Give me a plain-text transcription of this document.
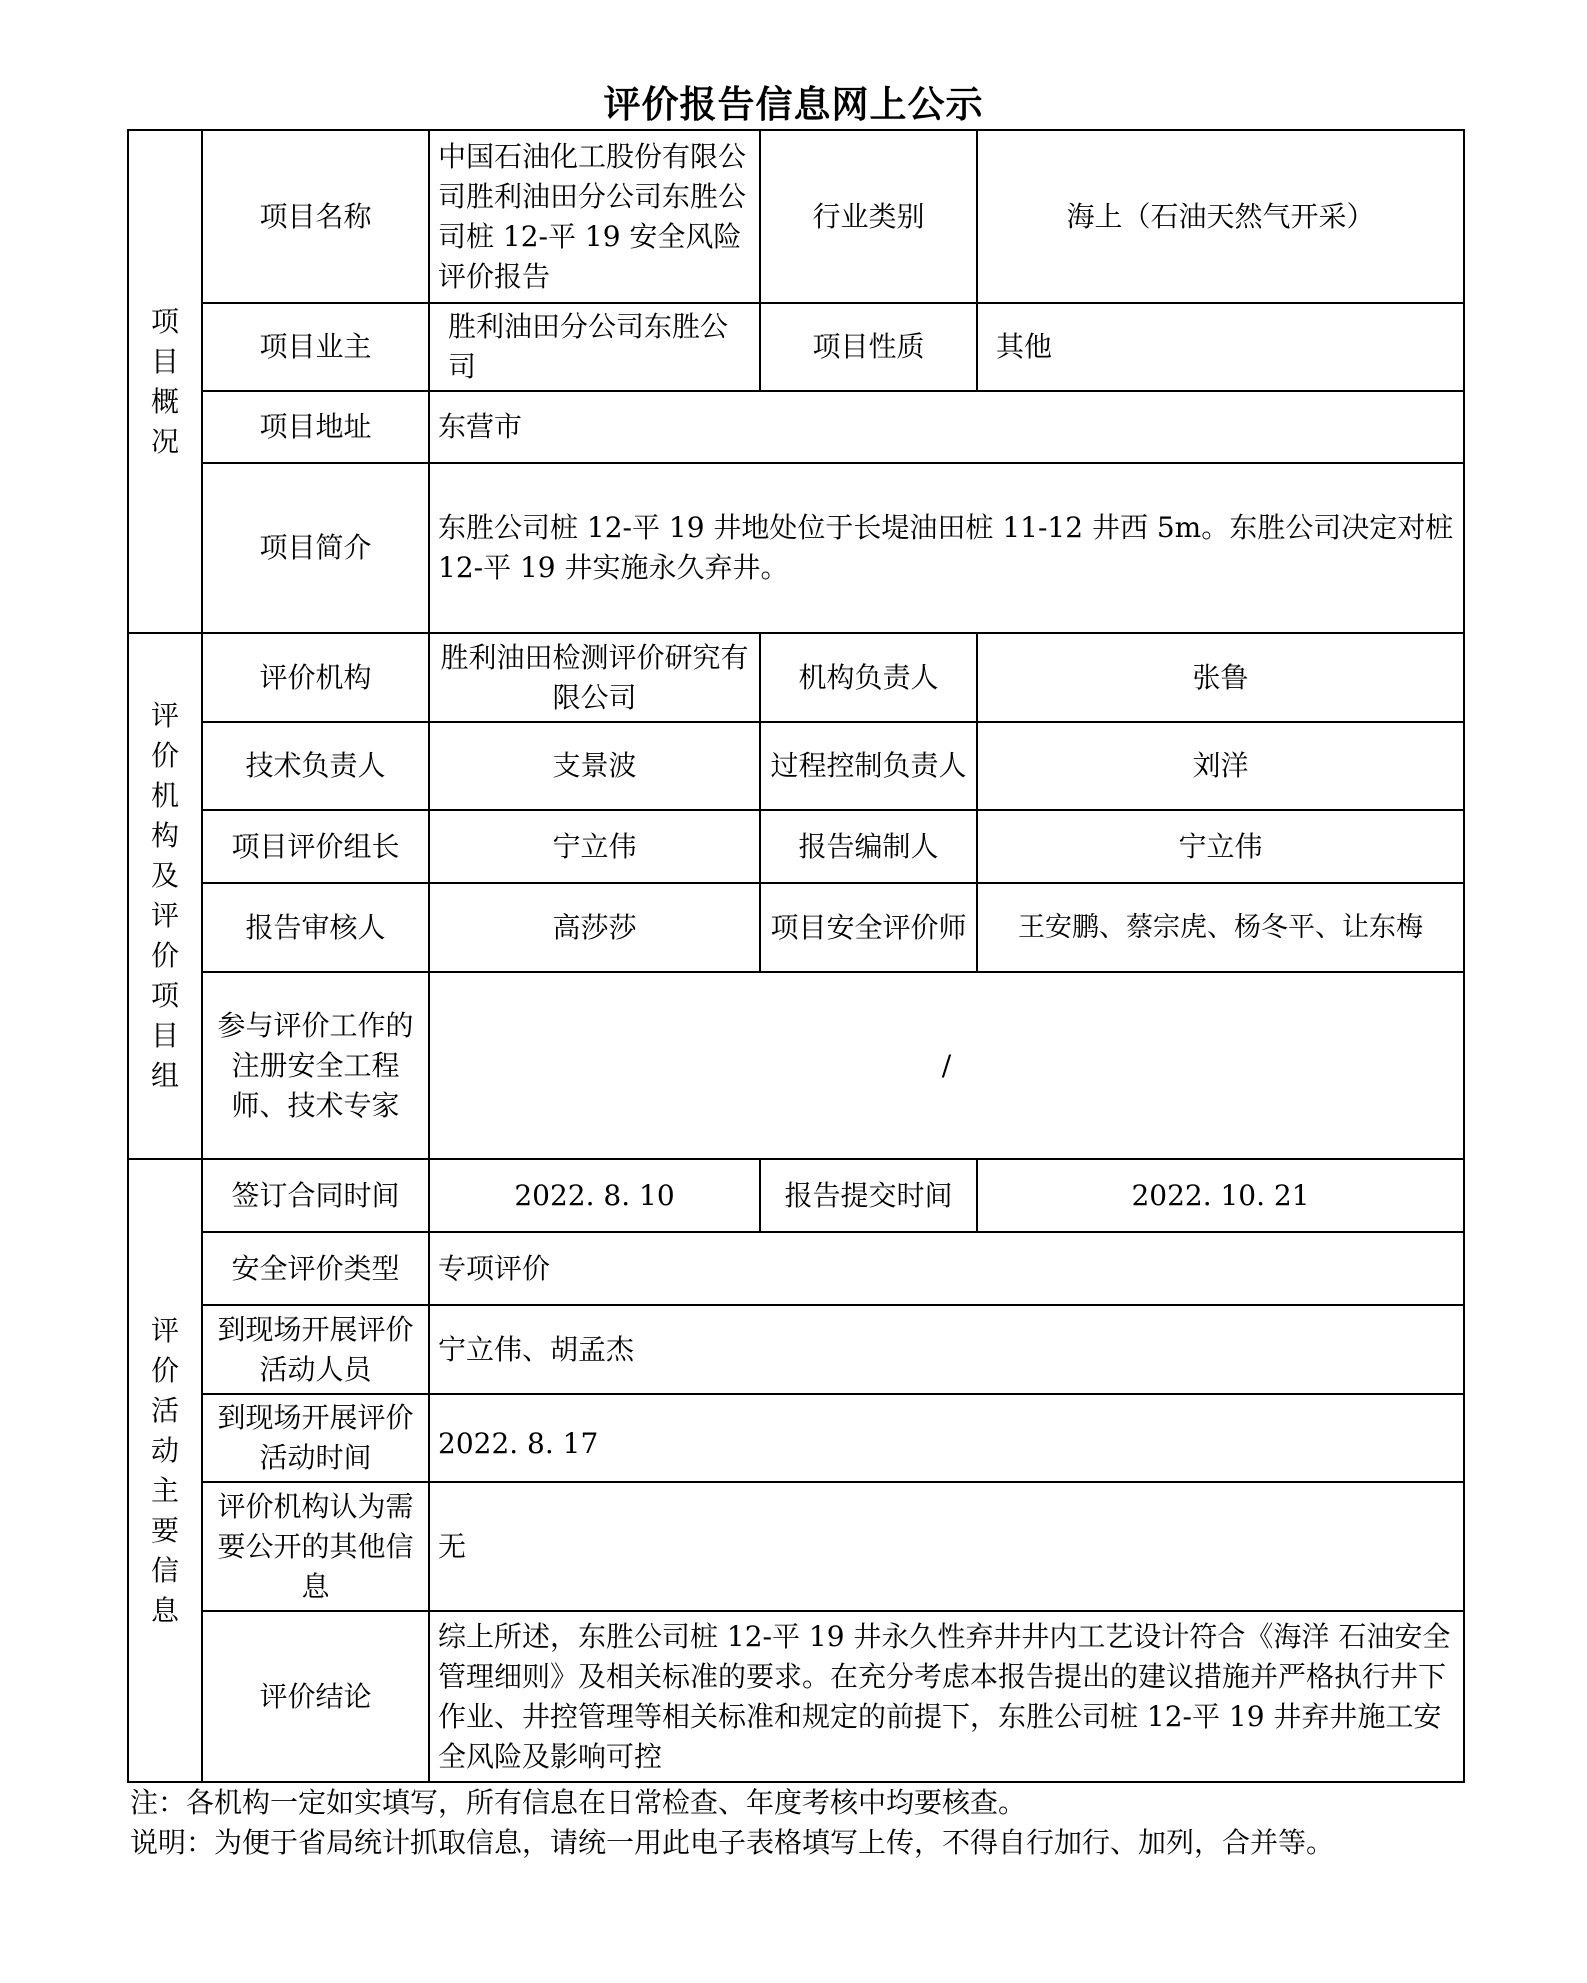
评价报告信息网上公示
项目概况	项目名称	中国石油化工股份有限公司胜利油田分公司东胜公司桩 12-平 19 安全风险评价报告	行业类别	海上（石油天然气开采）
	项目业主	胜利油田分公司东胜公司	项目性质	其他
	项目地址	东营市		
	项目简介	东胜公司桩 12-平 19 井地处位于长堤油田桩 11-12 井西 5m。东胜公司决定对桩 12-平 19 井实施永久弃井。		

评价机构及评价项目组	评价机构	胜利油田检测评价研究有限公司	机构负责人	张鲁
	技术负责人	支景波	过程控制负责人	刘洋
	项目评价组长	宁立伟	报告编制人	宁立伟
	报告审核人	高莎莎	项目安全评价师	王安鹏、蔡宗虎、杨冬平、让东梅
	参与评价工作的注册安全工程师、技术专家	/		

评价活动主要信息	签订合同时间	2022. 8. 10	报告提交时间	2022. 10. 21
	安全评价类型	专项评价		
	到现场开展评价活动人员	宁立伟、胡孟杰		
	到现场开展评价活动时间	2022. 8. 17		
	评价机构认为需要公开的其他信息	无		
	评价结论	综上所述，东胜公司桩 12-平 19 井永久性弃井井内工艺设计符合《海洋 石油安全管理细则》及相关标准的要求。在充分考虑本报告提出的建议措施并严格执行井下作业、井控管理等相关标准和规定的前提下，东胜公司桩 12-平 19 井弃井施工安全风险及影响可控		
注：各机构一定如实填写，所有信息在日常检查、年度考核中均要核查。
说明：为便于省局统计抓取信息，请统一用此电子表格填写上传，不得自行加行、加列，合并等。
